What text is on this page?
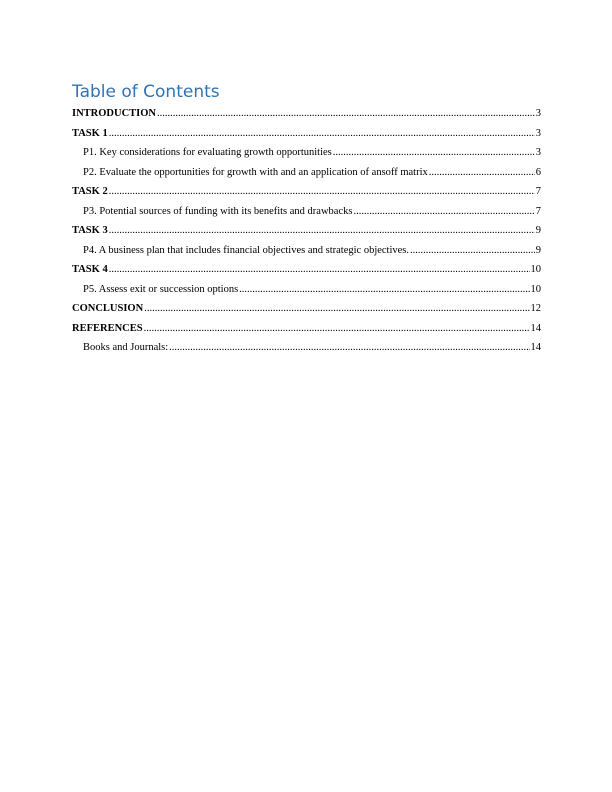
Table of Contents
INTRODUCTION .....	3
TASK 1 .....	3
P1. Key considerations for evaluating growth opportunities .....	3
P2. Evaluate the opportunities for growth with and an application of ansoff matrix .....	6
TASK 2 .....	7
P3. Potential sources of funding with its benefits and drawbacks .....	7
TASK 3 .....	9
P4. A business plan that includes financial objectives and strategic objectives. .....	9
TASK 4 .....	10
P5. Assess exit or succession options .....	10
CONCLUSION .....	12
REFERENCES .....	14
Books and Journals: .....	14
